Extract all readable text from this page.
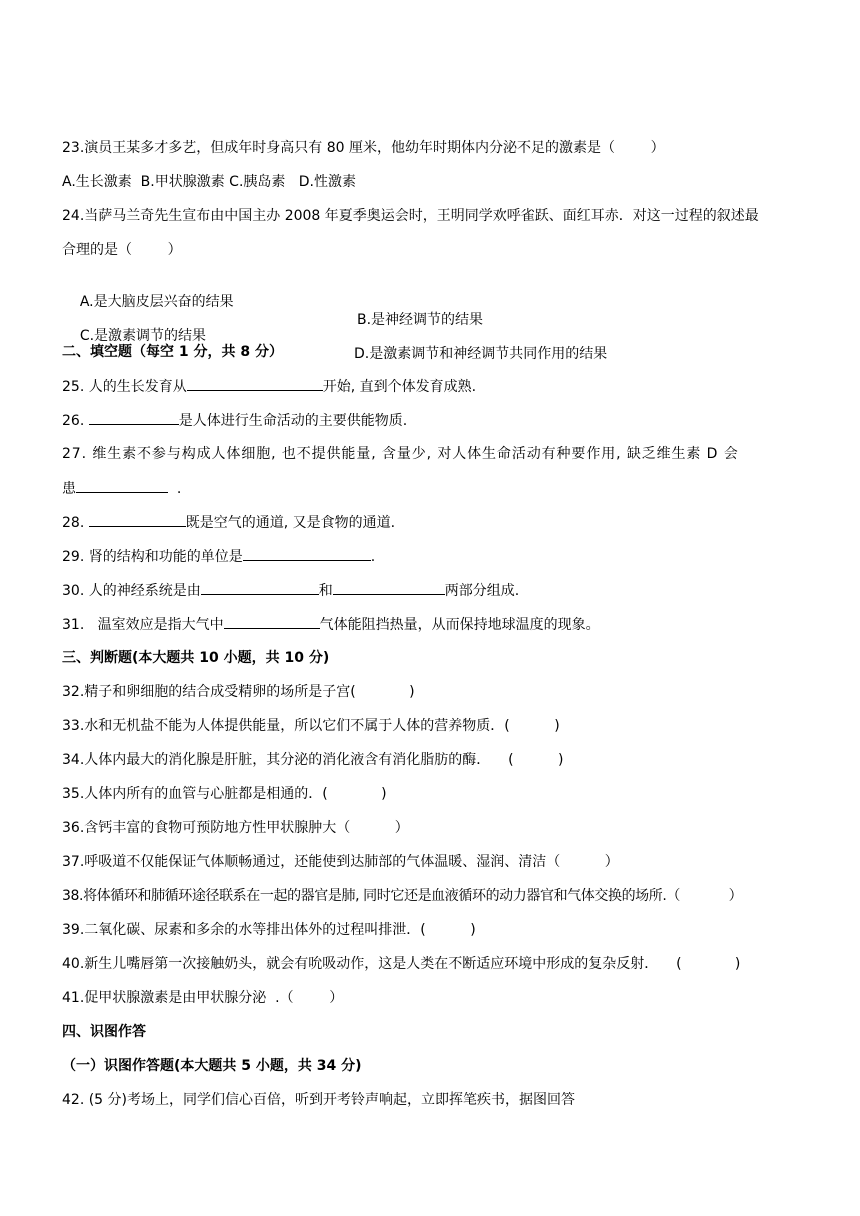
23.演员王某多才多艺，但成年时身高只有 80 厘米，他幼年时期体内分泌不足的激素是（        ）
A.生长激素  B.甲状腺激素 C.胰岛素   D.性激素
24.当萨马兰奇先生宣布由中国主办 2008 年夏季奥运会时，王明同学欢呼雀跃、面红耳赤．对这一过程的叙述最
合理的是（        ）

A.是大脑皮层兴奋的结果

B.是神经调节的结果

C.是激素调节的结果

D.是激素调节和神经调节共同作用的结果

二、填空题（每空 1 分，共 8 分）
25. 人的生长发育从	开始, 直到个体发育成熟.
26.	是人体进行生命活动的主要供能物质.
27. 维生素不参与构成人体细胞, 也不提供能量, 含量少, 对人体生命活动有种要作用, 缺乏维生素 D 会
患	.
28.	既是空气的通道, 又是食物的通道.
29. 肾的结构和功能的单位是	.
30. 人的神经系统是由	和	两部分组成.
31.   温室效应是指大气中	气体能阻挡热量，从而保持地球温度的现象。
三、判断题(本大题共 10 小题，共 10 分)
32.精子和卵细胞的结合成受精卵的场所是子宫(            )
33.水和无机盐不能为人体提供能量，所以它们不属于人体的营养物质．(          )
34.人体内最大的消化腺是肝脏，其分泌的消化液含有消化脂肪的酶．    (          )
35.人体内所有的血管与心脏都是相通的．(            )
36.含钙丰富的食物可预防地方性甲状腺肿大（          ）
37.呼吸道不仅能保证气体顺畅通过，还能使到达肺部的气体温暖、湿润、清洁（          ）
38.将体循环和肺循环途径联系在一起的器官是肺, 同时它还是血液循环的动力器官和气体交换的场所.（            ）
39.二氧化碳、尿素和多余的水等排出体外的过程叫排泄．(          )
40.新生儿嘴唇第一次接触奶头，就会有吮吸动作，这是人类在不断适应环境中形成的复杂反射．    (            )
41.促甲状腺激素是由甲状腺分泌  .（        ）
四、识图作答
（一）识图作答题(本大题共 5 小题，共 34 分)
42. (5 分)考场上，同学们信心百倍，听到开考铃声响起，立即挥笔疾书，据图回答
